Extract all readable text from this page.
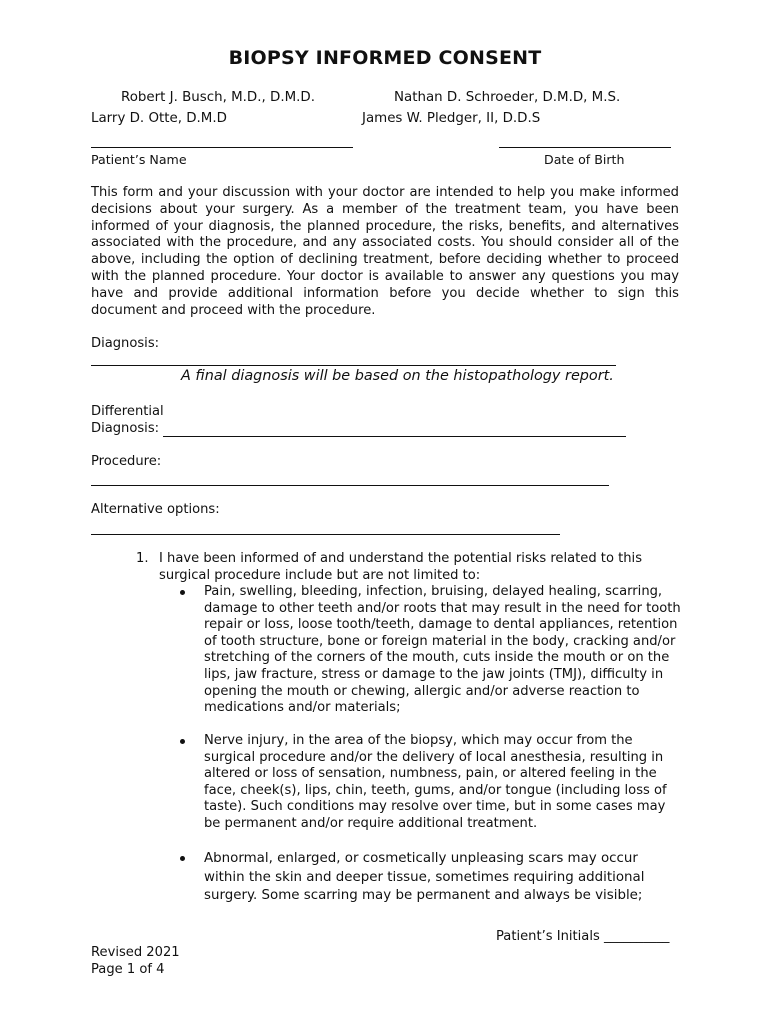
BIOPSY INFORMED CONSENT
Robert J. Busch, M.D., D.M.D.	Nathan D. Schroeder, D.M.D, M.S.
Larry D. Otte, D.M.D	James W. Pledger, II, D.D.S
Patient’s Name	Date of Birth

This form and your discussion with your doctor are intended to help you make informed decisions about your surgery. As a member of the treatment team, you have been informed of your diagnosis, the planned procedure, the risks, benefits, and alternatives associated with the procedure, and any associated costs. You should consider all of the above, including the option of declining treatment, before deciding whether to proceed with the planned procedure. Your doctor is available to answer any questions you may have and provide additional information before you decide whether to sign this document and proceed with the procedure.

Diagnosis:
A final diagnosis will be based on the histopathology report.
Differential
Diagnosis:
Procedure:
Alternative options:
1. I have been informed of and understand the potential risks related to this surgical procedure include but are not limited to:

Pain, swelling, bleeding, infection, bruising, delayed healing, scarring, damage to other teeth and/or roots that may result in the need for tooth repair or loss, loose tooth/teeth, damage to dental appliances, retention of tooth structure, bone or foreign material in the body, cracking and/or stretching of the corners of the mouth, cuts inside the mouth or on the lips, jaw fracture, stress or damage to the jaw joints (TMJ), difficulty in opening the mouth or chewing, allergic and/or adverse reaction to medications and/or materials;

Nerve injury, in the area of the biopsy, which may occur from the surgical procedure and/or the delivery of local anesthesia, resulting in altered or loss of sensation, numbness, pain, or altered feeling in the face, cheek(s), lips, chin, teeth, gums, and/or tongue (including loss of taste). Such conditions may resolve over time, but in some cases may be permanent and/or require additional treatment.

Abnormal, enlarged, or cosmetically unpleasing scars may occur within the skin and deeper tissue, sometimes requiring additional surgery. Some scarring may be permanent and always be visible;

Patient’s Initials __________
Revised 2021
Page 1 of 4
